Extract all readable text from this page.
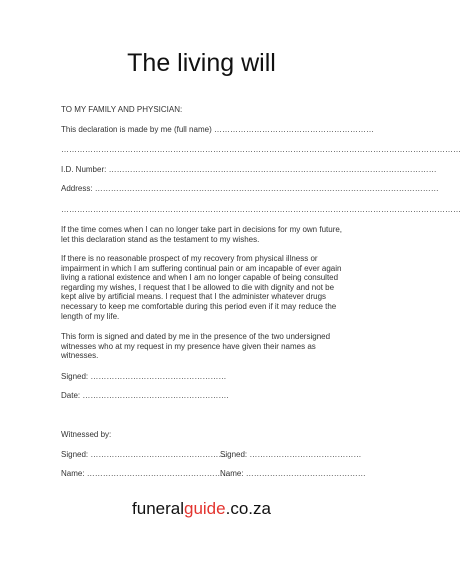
The living will
TO MY FAMILY AND PHYSICIAN:
This declaration is made by me (full name) ……………………………………………………
……………………………………………………………………………………………………………………………………
I.D. Number: ……………………………………………………………………………………………………………
Address: …………………………………………………………………………………………………………………
……………………………………………………………………………………………………………………………………
If the time comes when I can no longer take part in decisions for my own future, let this declaration stand as the testament to my wishes.
If there is no reasonable prospect of my recovery from physical illness or impairment in which I am suffering continual pain or am incapable of ever again living a rational existence and when I am no longer capable of being consulted regarding my wishes, I request that I be allowed to die with dignity and not be kept alive by artificial means. I request that I the administer whatever drugs necessary to keep me comfortable during this period even if it may reduce the length of my life.
This form is signed and dated by me in the presence of the two undersigned witnesses who at my request in my presence have given their names as witnesses.
Signed: ……………………………………………
Date: ……………………………………………….
Witnessed by:
Signed: ……………………………………………
Signed: ……………………………………
Name: ………………………………………………
Name: ………………………………………
funeralguide.co.za
